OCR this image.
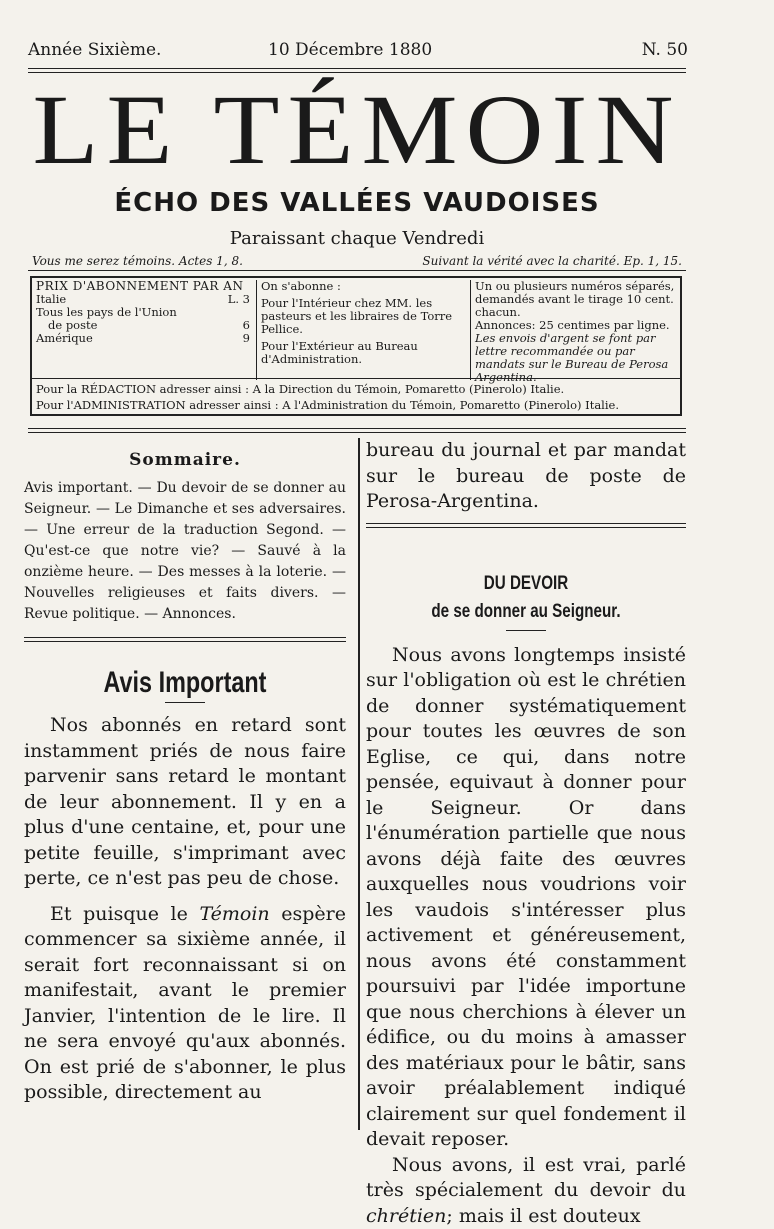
Année Sixième.	10 Décembre 1880	N. 50
LE TÉMOIN
ÉCHO DES VALLÉES VAUDOISES
Paraissant chaque Vendredi
Vous me serez témoins. Actes 1, 8.	Suivant la vérité avec la charité. Ep. 1, 15.
PRIX D'ABONNEMENT PAR AN
Italie	L. 3
Tous les pays de l'Union
de poste	6
Amérique	9
On s'abonne :
Pour l'Intérieur chez MM. les pasteurs et les libraires de Torre Pellice.
Pour l'Extérieur au Bureau d'Administration.
Un ou plusieurs numéros séparés, demandés avant le tirage 10 cent. chacun.
Annonces: 25 centimes par ligne.
Les envois d'argent se font par lettre recommandée ou par mandats sur le Bureau de Perosa Argentina.
Pour la RÉDACTION adresser ainsi : A la Direction du Témoin, Pomaretto (Pinerolo) Italie.
Pour l'ADMINISTRATION adresser ainsi : A l'Administration du Témoin, Pomaretto (Pinerolo) Italie.
Sommaire.
Avis important. — Du devoir de se donner au Seigneur. — Le Dimanche et ses adversaires. — Une erreur de la traduction Segond. — Qu'est-ce que notre vie? — Sauvé à la onzième heure. — Des messes à la loterie. — Nouvelles religieuses et faits divers. — Revue politique. — Annonces.
Avis Important

Nos abonnés en retard sont instamment priés de nous faire parvenir sans retard le montant de leur abonnement. Il y en a plus d'une centaine, et, pour une petite feuille, s'imprimant avec perte, ce n'est pas peu de chose.

Et puisque le Témoin espère commencer sa sixième année, il serait fort reconnaissant si on manifestait, avant le premier Janvier, l'intention de le lire. Il ne sera envoyé qu'aux abonnés. On est prié de s'abonner, le plus possible, directement au

bureau du journal et par mandat sur le bureau de poste de Perosa-Argentina.

DU DEVOIR
de se donner au Seigneur.

Nous avons longtemps insisté sur l'obligation où est le chrétien de donner systématiquement pour toutes les œuvres de son Eglise, ce qui, dans notre pensée, equivaut à donner pour le Seigneur. Or dans l'énumération partielle que nous avons déjà faite des œuvres auxquelles nous voudrions voir les vaudois s'intéresser plus activement et généreusement, nous avons été constamment poursuivi par l'idée importune que nous cherchions à élever un édifice, ou du moins à amasser des matériaux pour le bâtir, sans avoir préalablement indiqué clairement sur quel fondement il devait reposer.

Nous avons, il est vrai, parlé très spécialement du devoir du chrétien; mais il est douteux
